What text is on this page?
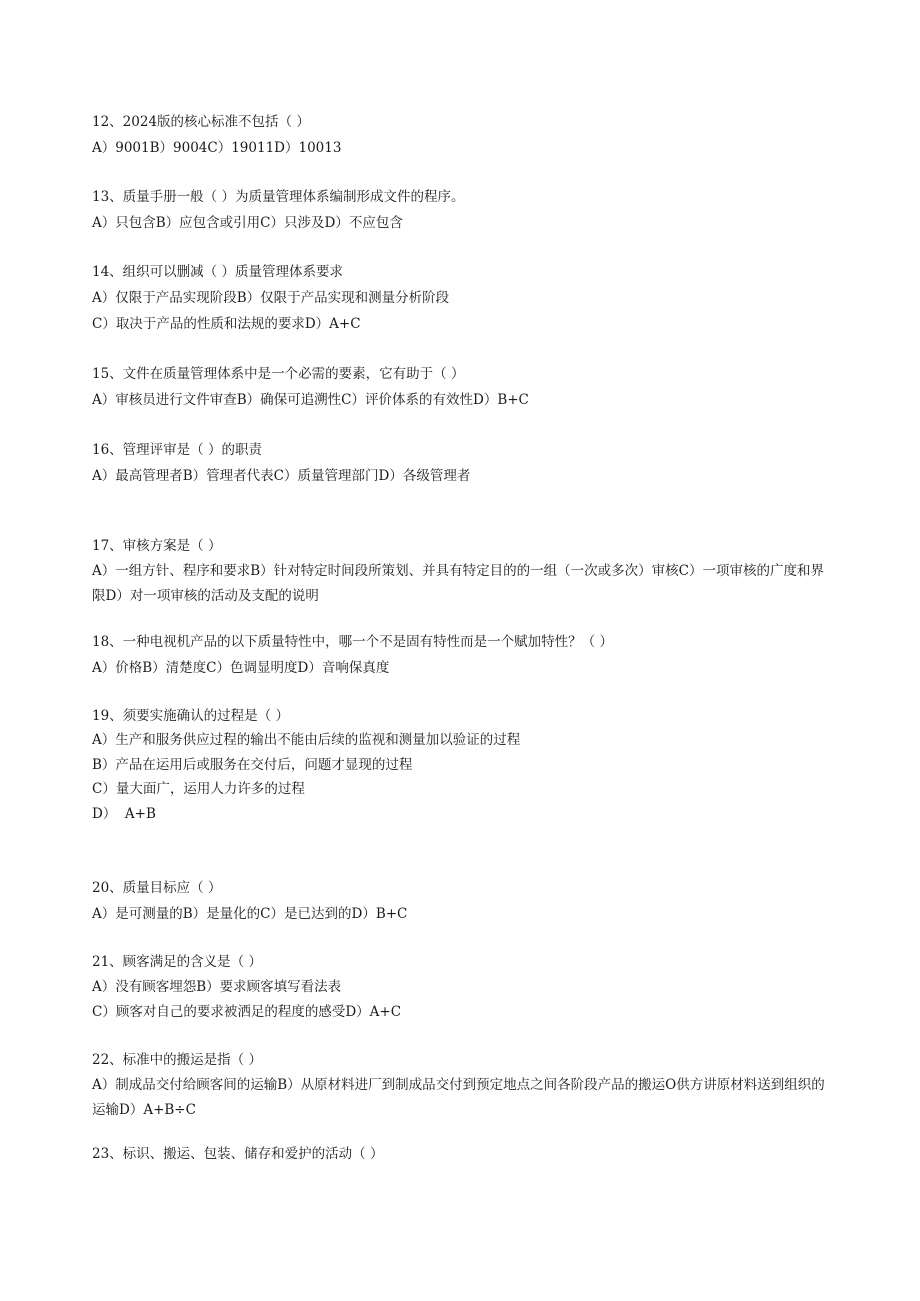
12、2024版的核心标准不包括（ ）

A）9001B）9004C）19011D）10013

13、质量手册一般（ ）为质量管理体系编制形成文件的程序。

A）只包含B）应包含或引用C）只涉及D）不应包含

14、组织可以删减（ ）质量管理体系要求

A）仅限于产品实现阶段B）仅限于产品实现和测量分析阶段

C）取决于产品的性质和法规的要求D）A+C

15、文件在质量管理体系中是一个必需的要素，它有助于（ ）

A）审核员进行文件审查B）确保可追溯性C）评价体系的有效性D）B+C

16、管理评审是（ ）的职责

A）最高管理者B）管理者代表C）质量管理部门D）各级管理者

17、审核方案是（ ）

A）一组方针、程序和要求B）针对特定时间段所策划、并具有特定目的的一组（一次或多次）审核C）一项审核的广度和界限D）对一项审核的活动及支配的说明

18、一种电视机产品的以下质量特性中，哪一个不是固有特性而是一个赋加特性？（ ）

A）价格B）清楚度C）色调显明度D）音响保真度

19、须要实施确认的过程是（ ）

A）生产和服务供应过程的输出不能由后续的监视和测量加以验证的过程

B）产品在运用后或服务在交付后，问题才显现的过程

C）量大面广，运用人力许多的过程

D）  A+B

20、质量目标应（ ）

A）是可测量的B）是量化的C）是已达到的D）B+C

21、顾客满足的含义是（ ）

A）没有顾客埋怨B）要求顾客填写看法表

C）顾客对自己的要求被洒足的程度的感受D）A+C

22、标准中的搬运是指（ ）

A）制成品交付给顾客间的运输B）从原材料进厂到制成品交付到预定地点之间各阶段产品的搬运O供方讲原材料送到组织的运输D）A+B÷C

23、标识、搬运、包装、储存和爱护的活动（ ）
